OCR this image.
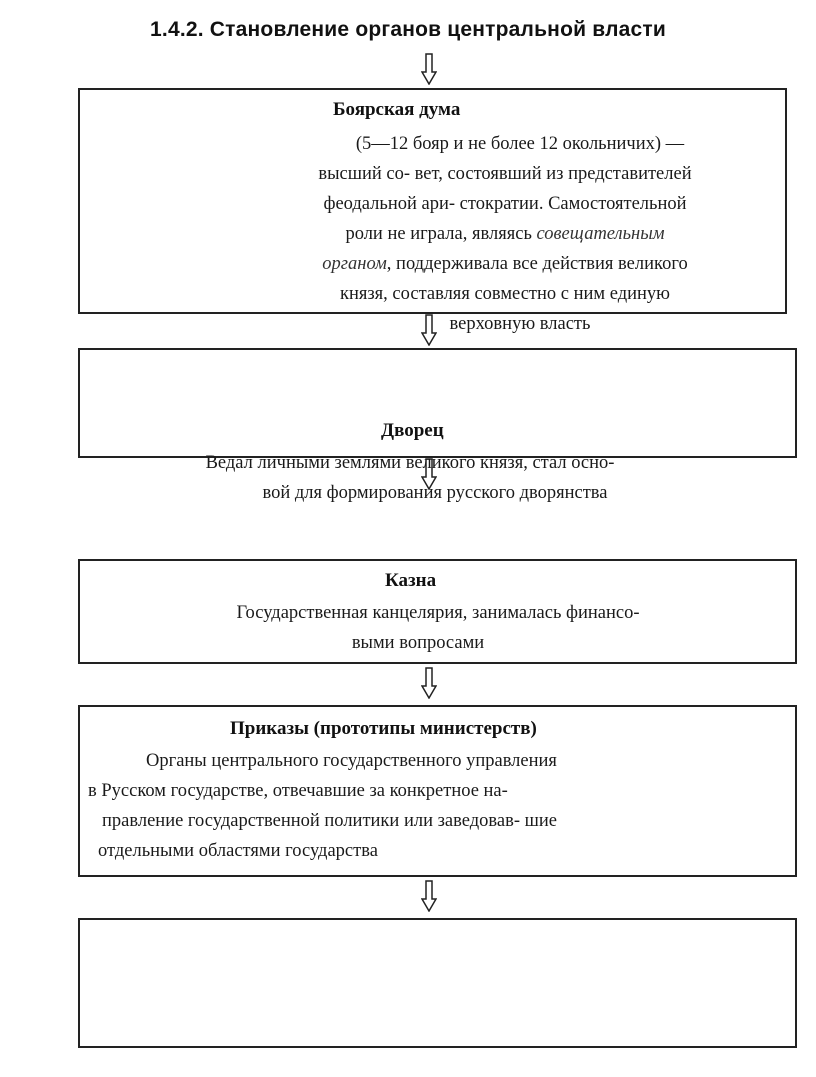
1.4.2. Становление органов центральной власти
Боярская дума
(5—12 бояр и не более 12 окольничих) —
высший со- вет, состоявший из представителей
феодальной ари- стократии. Самостоятельной
роли не играла, являясь совещательным
органом, поддерживала все действия великого
князя, составляя совместно с ним единую
верховную власть
Дворец
Ведал личными землями великого князя, стал осно-
вой для формирования русского дворянства
Казна
Государственная канцелярия, занималась финансо-
выми вопросами
Приказы (прототипы министерств)
Органы центрального государственного управления
в Русском государстве, отвечавшие за конкретное на-
правление государственной политики или заведовав- шие
отдельными областями государства
